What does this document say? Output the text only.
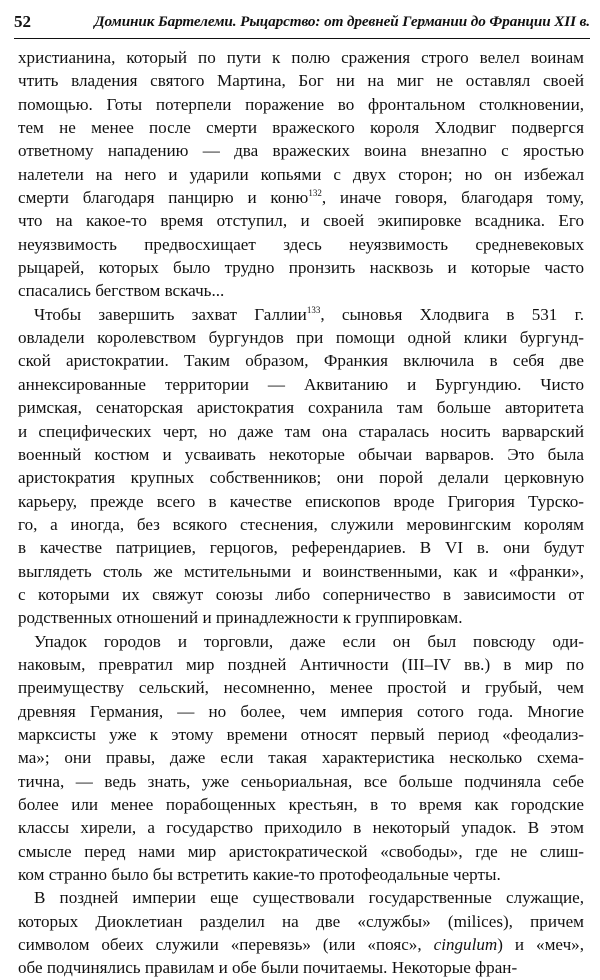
52	Доминик Бартелеми. Рыцарство: от древней Германии до Франции XII в.
христианина, который по пути к полю сражения строго велел воинам
чтить владения святого Мартина, Бог ни на миг не оставлял своей
помощью. Готы потерпели поражение во фронтальном столкновении,
тем не менее после смерти вражеского короля Хлодвиг подвергся
ответному нападению — два вражеских воина внезапно с яростью
налетели на него и ударили копьями с двух сторон; но он избежал
смерти благодаря панцирю и коню$^{132}$, иначе говоря, благодаря тому,
что на какое-то время отступил, и своей экипировке всадника. Его
неуязвимость предвосхищает здесь неуязвимость средневековых
рыцарей, которых было трудно пронзить насквозь и которые часто
спасались бегством вскачь...
Чтобы завершить захват Галлии$^{133}$, сыновья Хлодвига в 531 г.
овладели королевством бургундов при помощи одной клики бургунд-
ской аристократии. Таким образом, Франкия включила в себя две
аннексированные территории — Аквитанию и Бургундию. Чисто
римская, сенаторская аристократия сохранила там больше авторитета
и специфических черт, но даже там она старалась носить варварский
военный костюм и усваивать некоторые обычаи варваров. Это была
аристократия крупных собственников; они порой делали церковную
карьеру, прежде всего в качестве епископов вроде Григория Турско-
го, а иногда, без всякого стеснения, служили меровингским королям
в качестве патрициев, герцогов, референдариев. В VI в. они будут
выглядеть столь же мстительными и воинственными, как и «франки»,
с которыми их свяжут союзы либо соперничество в зависимости от
родственных отношений и принадлежности к группировкам.
Упадок городов и торговли, даже если он был повсюду оди-
наковым, превратил мир поздней Античности (III–IV вв.) в мир по
преимуществу сельский, несомненно, менее простой и грубый, чем
древняя Германия, — но более, чем империя сотого года. Многие
марксисты уже к этому времени относят первый период «феодализ-
ма»; они правы, даже если такая характеристика несколько схема-
тична, — ведь знать, уже сеньориальная, все больше подчиняла себе
более или менее порабощенных крестьян, в то время как городские
классы хирели, а государство приходило в некоторый упадок. В этом
смысле перед нами мир аристократической «свободы», где не слиш-
ком странно было бы встретить какие-то протофеодальные черты.
В поздней империи еще существовали государственные служащие,
которых Диоклетиан разделил на две «службы» (milices), причем
символом обеих служили «перевязь» (или «пояс», cingulum) и «меч»,
обе подчинялись правилам и обе были почитаемы. Некоторые фран-
